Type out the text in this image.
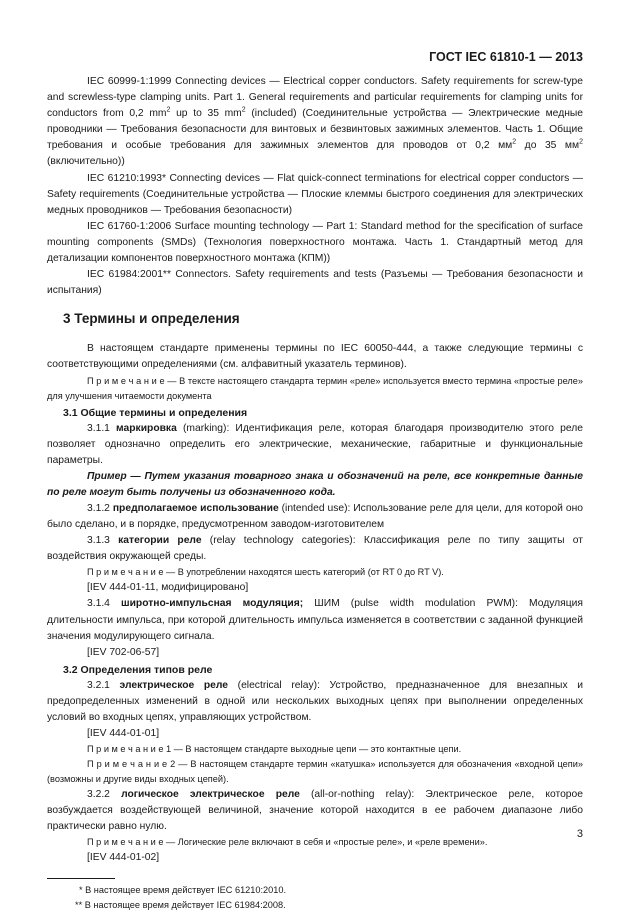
ГОСТ IEC 61810-1 — 2013

IEC 60999-1:1999 Connecting devices — Electrical copper conductors. Safety requirements for screw-type and screwless-type clamping units. Part 1. General requirements and particular requirements for clamping units for conductors from 0,2 $mm^2$ up to 35 $mm^2$ (included) (Соединительные устройства — Электрические медные проводники — Требования безопасности для винтовых и безвинтовых зажимных элементов. Часть 1. Общие требования и особые требования для зажимных элементов для проводов от 0,2 $мм^2$ до 35 $мм^2$ (включительно))

IEC 61210:1993* Connecting devices — Flat quick-connect terminations for electrical copper conductors — Safety requirements (Соединительные устройства — Плоские клеммы быстрого соединения для электрических медных проводников — Требования безопасности)

IEC 61760-1:2006 Surface mounting technology — Part 1: Standard method for the specification of surface mounting components (SMDs) (Технология поверхностного монтажа. Часть 1. Стандартный метод для детализации компонентов поверхностного монтажа (КПМ))

IEC 61984:2001** Connectors. Safety requirements and tests (Разъемы — Требования безопасности и испытания)

3 Термины и определения

В настоящем стандарте применены термины по IEC 60050-444, а также следующие термины с соответствующими определениями (см. алфавитный указатель терминов).

П р и м е ч а н и е — В тексте настоящего стандарта термин «реле» используется вместо термина «простые реле» для улучшения читаемости документа

3.1 Общие термины и определения

3.1.1 маркировка (marking): Идентификация реле, которая благодаря производителю этого реле позволяет однозначно определить его электрические, механические, габаритные и функциональные параметры.

Пример — Путем указания товарного знака и обозначений на реле, все конкретные данные по реле могут быть получены из обозначенного кода.

3.1.2 предполагаемое использование (intended use): Использование реле для цели, для которой оно было сделано, и в порядке, предусмотренном заводом-изготовителем

3.1.3 категории реле (relay technology categories): Классификация реле по типу защиты от воздействия окружающей среды.

П р и м е ч а н и е — В употреблении находятся шесть категорий (от RT 0 до RT V).

[IEV 444-01-11, модифицировано]

3.1.4 широтно-импульсная модуляция; ШИМ (pulse width modulation PWM): Модуляция длительности импульса, при которой длительность импульса изменяется в соответствии с заданной функцией значения модулирующего сигнала.

[IEV 702-06-57]

3.2 Определения типов реле

3.2.1 электрическое реле (electrical relay): Устройство, предназначенное для внезапных и предопределенных изменений в одной или нескольких выходных цепях при выполнении определенных условий во входных цепях, управляющих устройством.

[IEV 444-01-01]

П р и м е ч а н и е 1 — В настоящем стандарте выходные цепи — это контактные цепи.

П р и м е ч а н и е 2 — В настоящем стандарте термин «катушка» используется для обозначения «входной цепи» (возможны и другие виды входных цепей).

3.2.2 логическое электрическое реле (all-or-nothing relay): Электрическое реле, которое возбуждается воздействующей величиной, значение которой находится в ее рабочем диапазоне либо практически равно нулю.

П р и м е ч а н и е — Логические реле включают в себя и «простые реле», и «реле времени».

[IEV 444-01-02]

* В настоящее время действует IEC 61210:2010.

** В настоящее время действует IEC 61984:2008.

3
